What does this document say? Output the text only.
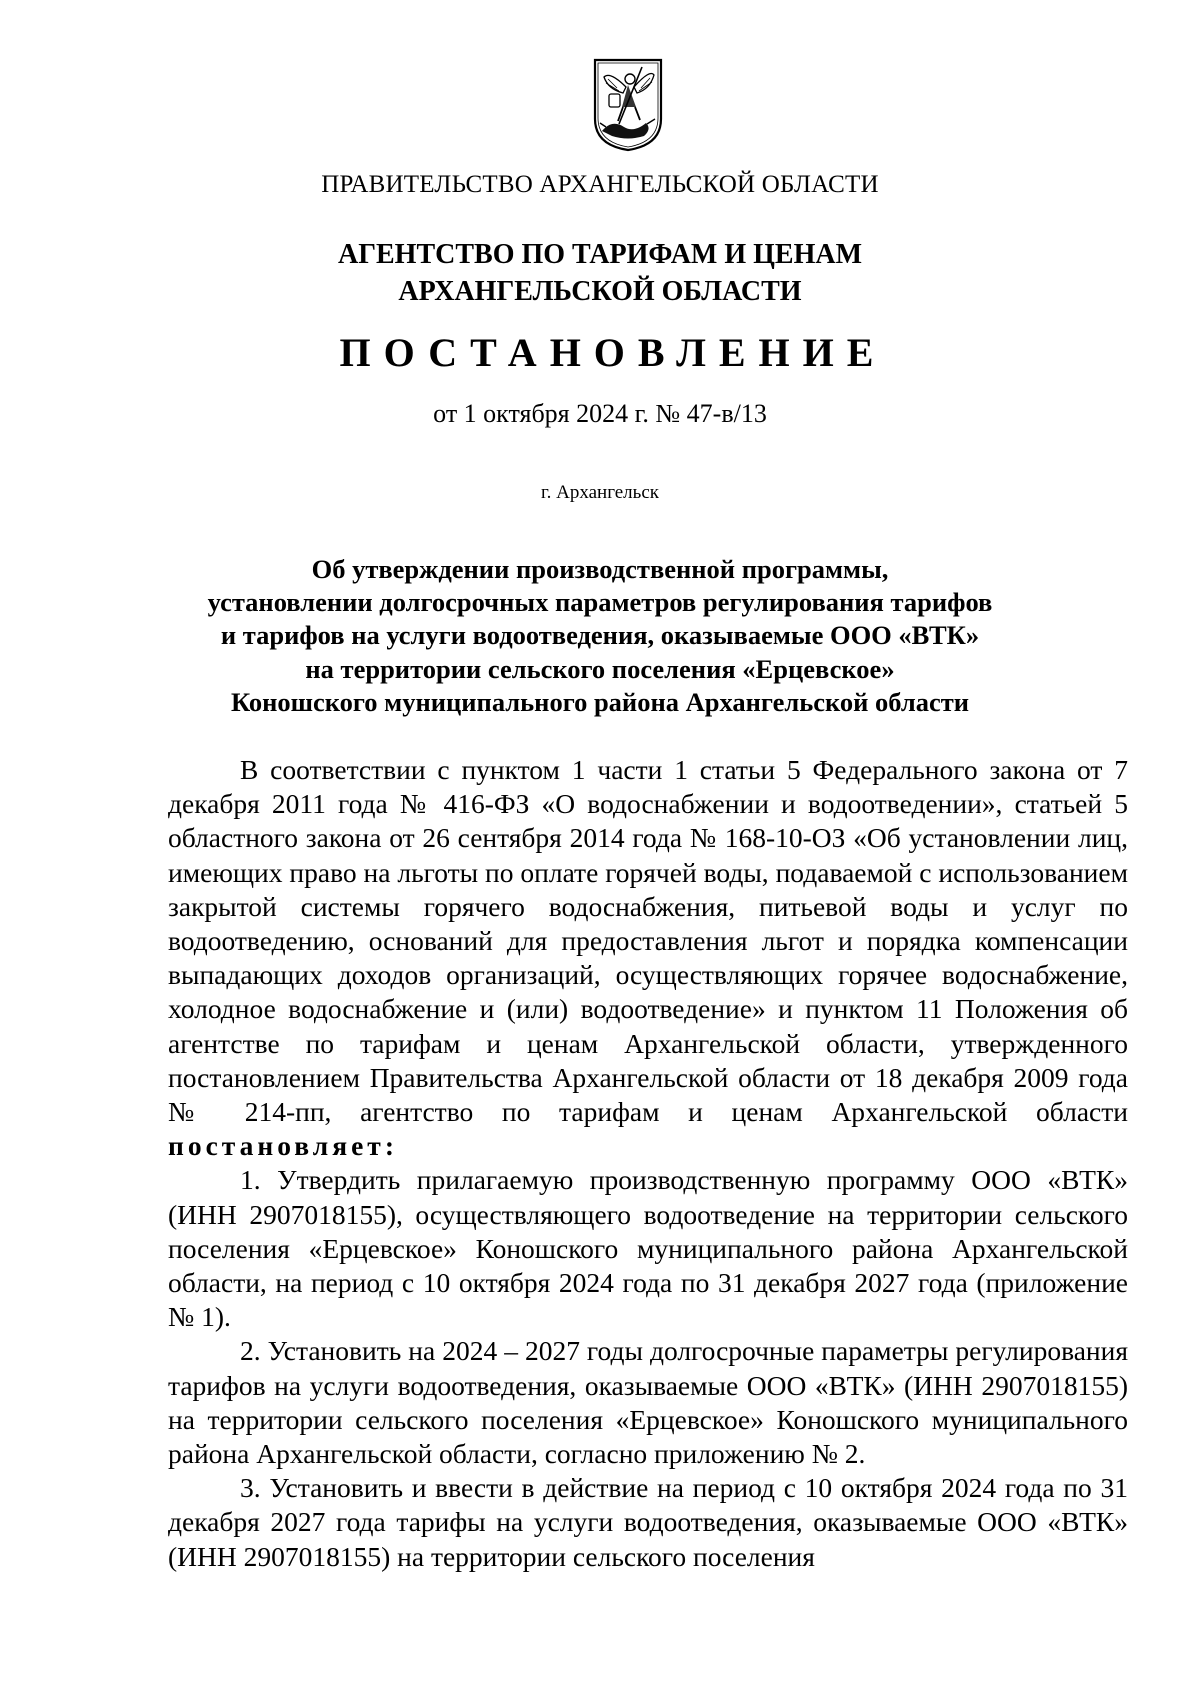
ПРАВИТЕЛЬСТВО АРХАНГЕЛЬСКОЙ ОБЛАСТИ
АГЕНТСТВО ПО ТАРИФАМ И ЦЕНАМ
АРХАНГЕЛЬСКОЙ ОБЛАСТИ
ПОСТАНОВЛЕНИЕ
от 1 октября 2024 г. № 47-в/13
г. Архангельск
Об утверждении производственной программы,
установлении долгосрочных параметров регулирования тарифов
и тарифов на услуги водоотведения, оказываемые ООО «ВТК»
на территории сельского поселения «Ерцевское»
Коношского муниципального района Архангельской области

В соответствии с пунктом 1 части 1 статьи 5 Федерального закона от 7 декабря 2011 года № 416-ФЗ «О водоснабжении и водоотведении», статьей 5 областного закона от 26 сентября 2014 года № 168-10-ОЗ «Об установлении лиц, имеющих право на льготы по оплате горячей воды, подаваемой с использованием закрытой системы горячего водоснабжения, питьевой воды и услуг по водоотведению, оснований для предоставления льгот и порядка компенсации выпадающих доходов организаций, осуществляющих горячее водоснабжение, холодное водоснабжение и (или) водоотведение» и пунктом 11 Положения об агентстве по тарифам и ценам Архангельской области, утвержденного постановлением Правительства Архангельской области от 18 декабря 2009 года № 214-пп, агентство по тарифам и ценам Архангельской области постановляет:

1. Утвердить прилагаемую производственную программу ООО «ВТК» (ИНН 2907018155), осуществляющего водоотведение на территории сельского поселения «Ерцевское» Коношского муниципального района Архангельской области, на период с 10 октября 2024 года по 31 декабря 2027 года (приложение № 1).

2. Установить на 2024 – 2027 годы долгосрочные параметры регулирования тарифов на услуги водоотведения, оказываемые ООО «ВТК» (ИНН 2907018155) на территории сельского поселения «Ерцевское» Коношского муниципального района Архангельской области, согласно приложению № 2.

3. Установить и ввести в действие на период с 10 октября 2024 года по 31 декабря 2027 года тарифы на услуги водоотведения, оказываемые ООО «ВТК» (ИНН 2907018155) на территории сельского поселения
